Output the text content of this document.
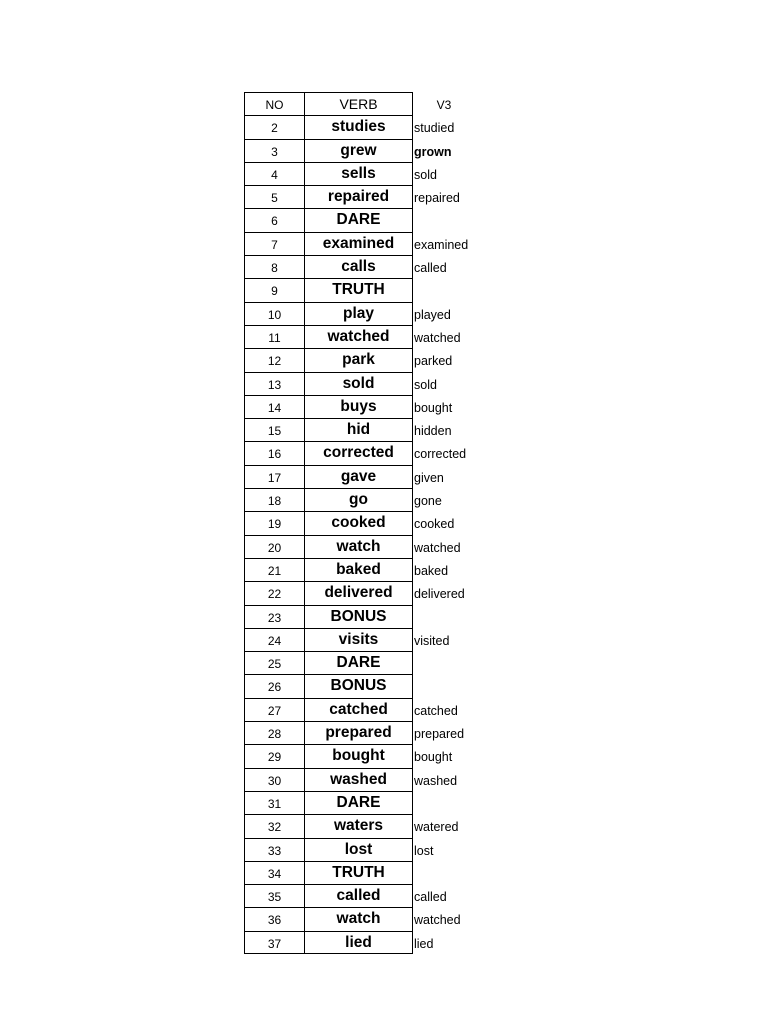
NO	VERB	V3
2	studies	studied
3	grew	grown
4	sells	sold
5	repaired	repaired
6	DARE
7	examined	examined
8	calls	called
9	TRUTH
10	play	played
11	watched	watched
12	park	parked
13	sold	sold
14	buys	bought
15	hid	hidden
16	corrected	corrected
17	gave	given
18	go	gone
19	cooked	cooked
20	watch	watched
21	baked	baked
22	delivered	delivered
23	BONUS
24	visits	visited
25	DARE
26	BONUS
27	catched	catched
28	prepared	prepared
29	bought	bought
30	washed	washed
31	DARE
32	waters	watered
33	lost	lost
34	TRUTH
35	called	called
36	watch	watched
37	lied	lied
